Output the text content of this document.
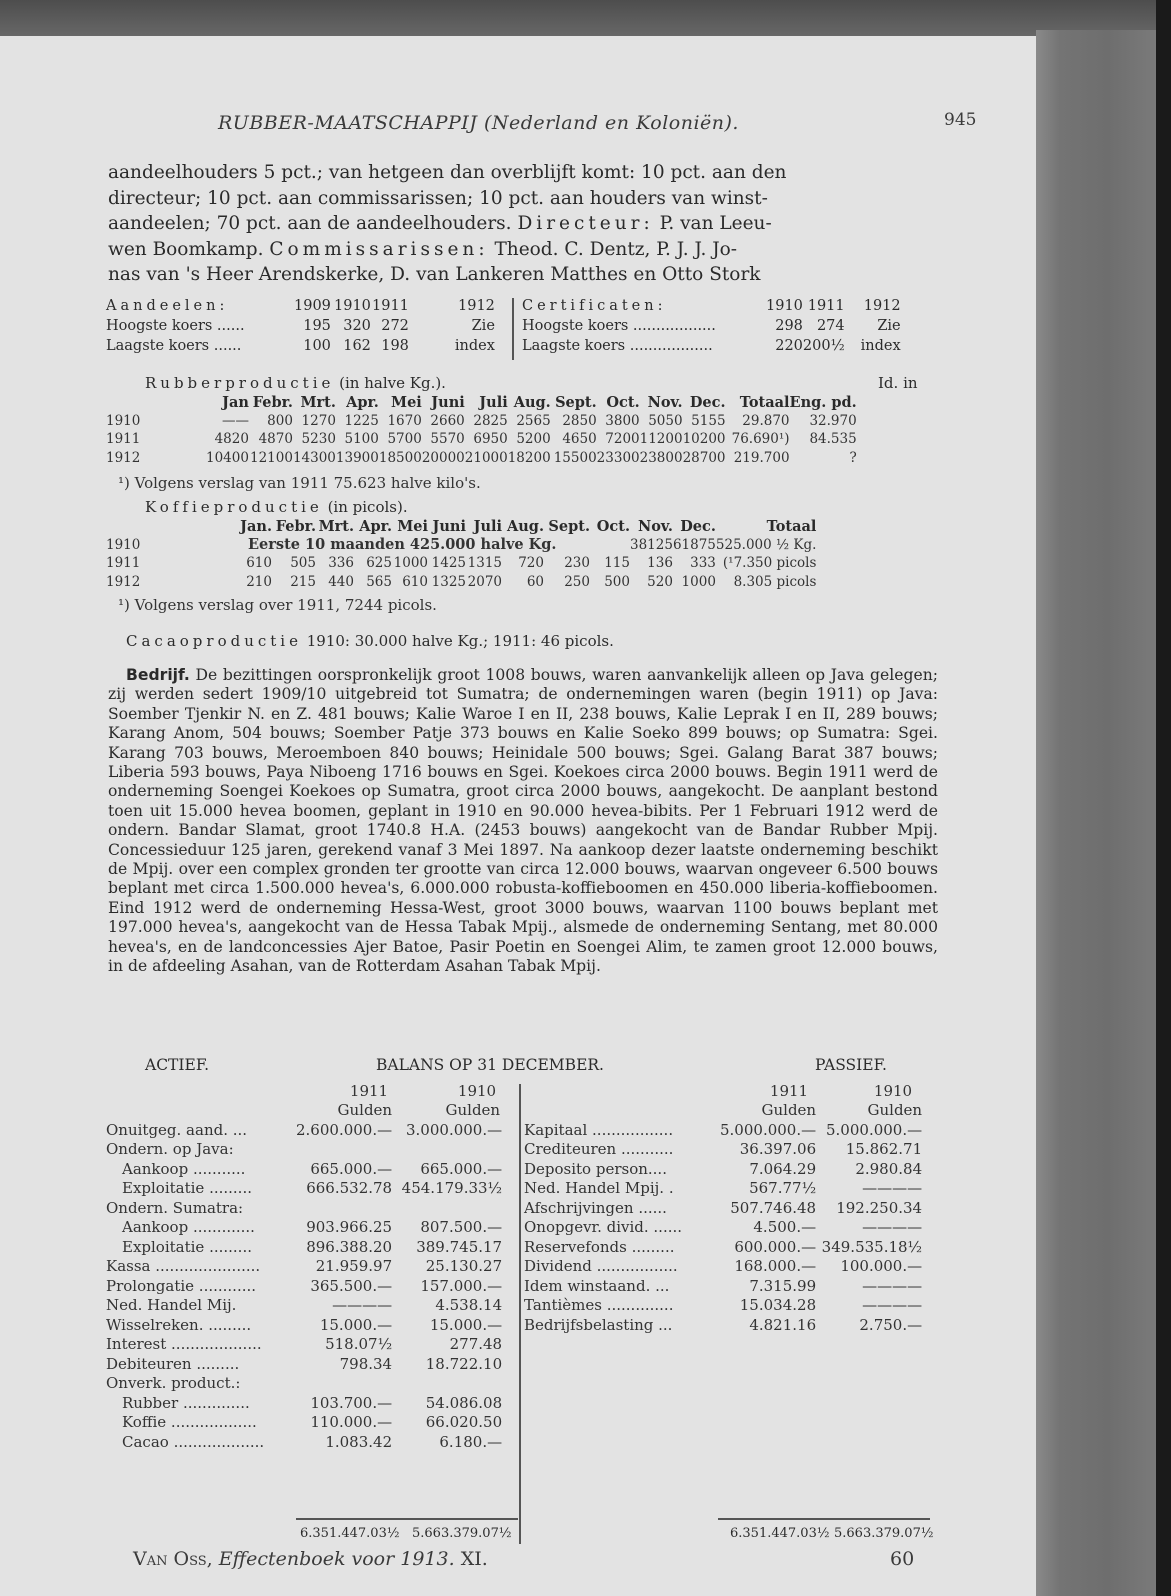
RUBBER-MAATSCHAPPIJ (Nederland en Koloniën).	945
aandeelhouders 5 pct.; van hetgeen dan overblijft komt: 10 pct. aan den
directeur; 10 pct. aan commissarissen; 10 pct. aan houders van winst-
aandeelen; 70 pct. aan de aandeelhouders. Directeur: P. van Leeu-
wen Boomkamp. Commissarissen: Theod. C. Dentz, P. J. J. Jo-
nas van 's Heer Arendskerke, D. van Lankeren Matthes en Otto Stork
Aandeelen:	1909	1910	1911	1912
Hoogste koers ......	195	320	272	Zie
Laagste koers ......	100	162	198	index
Certificaten:	1910	1911	1912
Hoogste koers ..................	298	274	Zie
Laagste koers ..................	220	200½	index
Rubberproductie (in halve Kg.).	Id. in
	Jan	Febr.	Mrt.	Apr.	Mei	Juni	Juli	Aug.	Sept.	Oct.	Nov.	Dec.	Totaal	Eng. pd.
1910	——	800	1270	1225	1670	2660	2825	2565	2850	3800	5050	5155	29.870	32.970
1911	4820	4870	5230	5100	5700	5570	6950	5200	4650	7200	11200	10200	76.690¹)	84.535
1912	10400	12100	14300	13900	18500	20000	21000	18200	15500	23300	23800	28700	219.700	?
¹) Volgens verslag van 1911 75.623 halve kilo's.
Koffieproductie (in picols).
	Jan.	Febr.	Mrt.	Apr.	Mei	Juni	Juli	Aug.	Sept.	Oct.	Nov.	Dec.	Totaal
1910	Eerste 10 maanden 425.000 halve Kg.										38125	61875	525.000 ½ Kg.
1911	610	505	336	625	1000	1425	1315	720	230	115	136	333	(¹7.350 picols
1912	210	215	440	565	610	1325	2070	60	250	500	520	1000	8.305 picols
¹) Volgens verslag over 1911, 7244 picols.
Cacaoproductie 1910: 30.000 halve Kg.; 1911: 46 picols.
Bedrijf. De bezittingen oorspronkelijk groot 1008 bouws, waren aanvankelijk alleen op Java gelegen; zij werden sedert 1909/10 uitgebreid tot Sumatra; de ondernemingen waren (begin 1911) op Java: Soember Tjenkir N. en Z. 481 bouws; Kalie Waroe I en II, 238 bouws, Kalie Leprak I en II, 289 bouws; Karang Anom, 504 bouws; Soember Patje 373 bouws en Kalie Soeko 899 bouws; op Sumatra: Sgei. Karang 703 bouws, Meroemboen 840 bouws; Heinidale 500 bouws; Sgei. Galang Barat 387 bouws; Liberia 593 bouws, Paya Niboeng 1716 bouws en Sgei. Koekoes circa 2000 bouws. Begin 1911 werd de onderneming Soengei Koekoes op Sumatra, groot circa 2000 bouws, aangekocht. De aanplant bestond toen uit 15.000 hevea boomen, geplant in 1910 en 90.000 hevea-bibits. Per 1 Februari 1912 werd de ondern. Bandar Slamat, groot 1740.8 H.A. (2453 bouws) aangekocht van de Bandar Rubber Mpij. Concessieduur 125 jaren, gerekend vanaf 3 Mei 1897. Na aankoop dezer laatste onderneming beschikt de Mpij. over een complex gronden ter grootte van circa 12.000 bouws, waarvan ongeveer 6.500 bouws beplant met circa 1.500.000 hevea's, 6.000.000 robusta-koffieboomen en 450.000 liberia-koffieboomen. Eind 1912 werd de onderneming Hessa-West, groot 3000 bouws, waarvan 1100 bouws beplant met 197.000 hevea's, aangekocht van de Hessa Tabak Mpij., alsmede de onderneming Sentang, met 80.000 hevea's, en de landconcessies Ajer Batoe, Pasir Poetin en Soengei Alim, te zamen groot 12.000 bouws, in de afdeeling Asahan, van de Rotterdam Asahan Tabak Mpij.
ACTIEF.	BALANS OP 31 DECEMBER.	PASSIEF.
	1911	1910
	Gulden	Gulden
Onuitgeg. aand. ...	2.600.000.—	3.000.000.—
Ondern. op Java:		
Aankoop ...........	665.000.—	665.000.—
Exploitatie .........	666.532.78	454.179.33½
Ondern. Sumatra:		
Aankoop .............	903.966.25	807.500.—
Exploitatie .........	896.388.20	389.745.17
Kassa ......................	21.959.97	25.130.27
Prolongatie ............	365.500.—	157.000.—
Ned. Handel Mij.	————	4.538.14
Wisselreken. .........	15.000.—	15.000.—
Interest ...................	518.07½	277.48
Debiteuren .........	798.34	18.722.10
Onverk. product.:		
Rubber ..............	103.700.—	54.086.08
Koffie ..................	110.000.—	66.020.50
Cacao ...................	1.083.42	6.180.—
	1911	1910
	Gulden	Gulden
Kapitaal .................	5.000.000.—	5.000.000.—
Crediteuren ...........	36.397.06	15.862.71
Deposito person....	7.064.29	2.980.84
Ned. Handel Mpij. .	567.77½	————
Afschrijvingen ......	507.746.48	192.250.34
Onopgevr. divid. ......	4.500.—	————
Reservefonds .........	600.000.—	349.535.18½
Dividend .................	168.000.—	100.000.—
Idem winstaand. ...	7.315.99	————
Tantièmes ..............	15.034.28	————
Bedrijfsbelasting ...	4.821.16	2.750.—
6.351.447.03½ 5.663.379.07½	6.351.447.03½ 5.663.379.07½
Van Oss, Effectenboek voor 1913. XI.	60
